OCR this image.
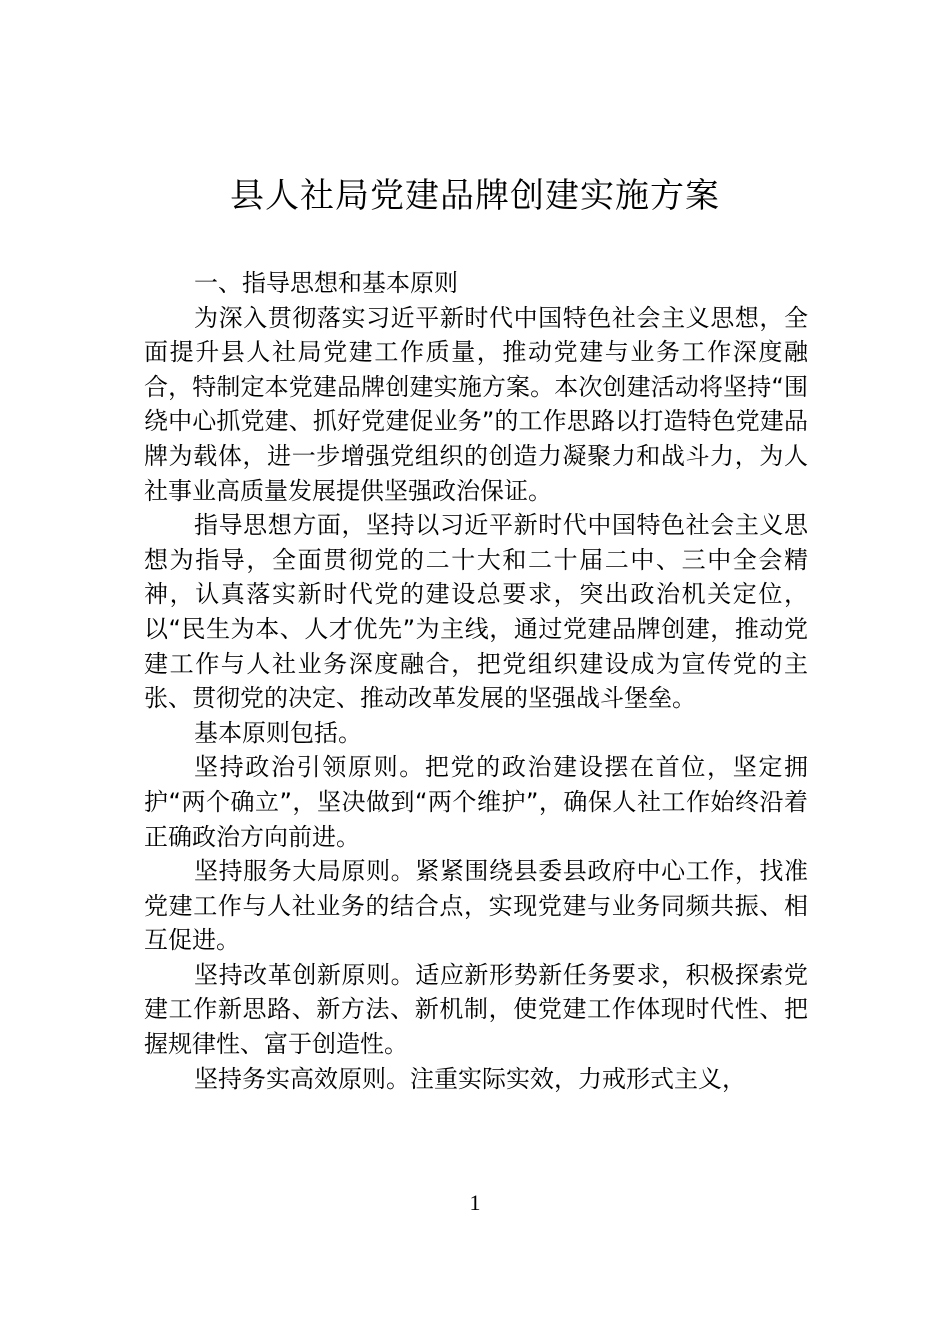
县人社局党建品牌创建实施方案

一、指导思想和基本原则

为深入贯彻落实习近平新时代中国特色社会主义思想，全面提升县人社局党建工作质量，推动党建与业务工作深度融合，特制定本党建品牌创建实施方案。本次创建活动将坚持“围绕中心抓党建、抓好党建促业务”的工作思路以打造特色党建品牌为载体，进一步增强党组织的创造力凝聚力和战斗力，为人社事业高质量发展提供坚强政治保证。

指导思想方面，坚持以习近平新时代中国特色社会主义思想为指导，全面贯彻党的二十大和二十届二中、三中全会精神，认真落实新时代党的建设总要求，突出政治机关定位，以“民生为本、人才优先”为主线，通过党建品牌创建，推动党建工作与人社业务深度融合，把党组织建设成为宣传党的主张、贯彻党的决定、推动改革发展的坚强战斗堡垒。

基本原则包括。

坚持政治引领原则。把党的政治建设摆在首位，坚定拥护“两个确立”，坚决做到“两个维护”，确保人社工作始终沿着正确政治方向前进。

坚持服务大局原则。紧紧围绕县委县政府中心工作，找准党建工作与人社业务的结合点，实现党建与业务同频共振、相互促进。

坚持改革创新原则。适应新形势新任务要求，积极探索党建工作新思路、新方法、新机制，使党建工作体现时代性、把握规律性、富于创造性。

坚持务实高效原则。注重实际实效，力戒形式主义，

1
